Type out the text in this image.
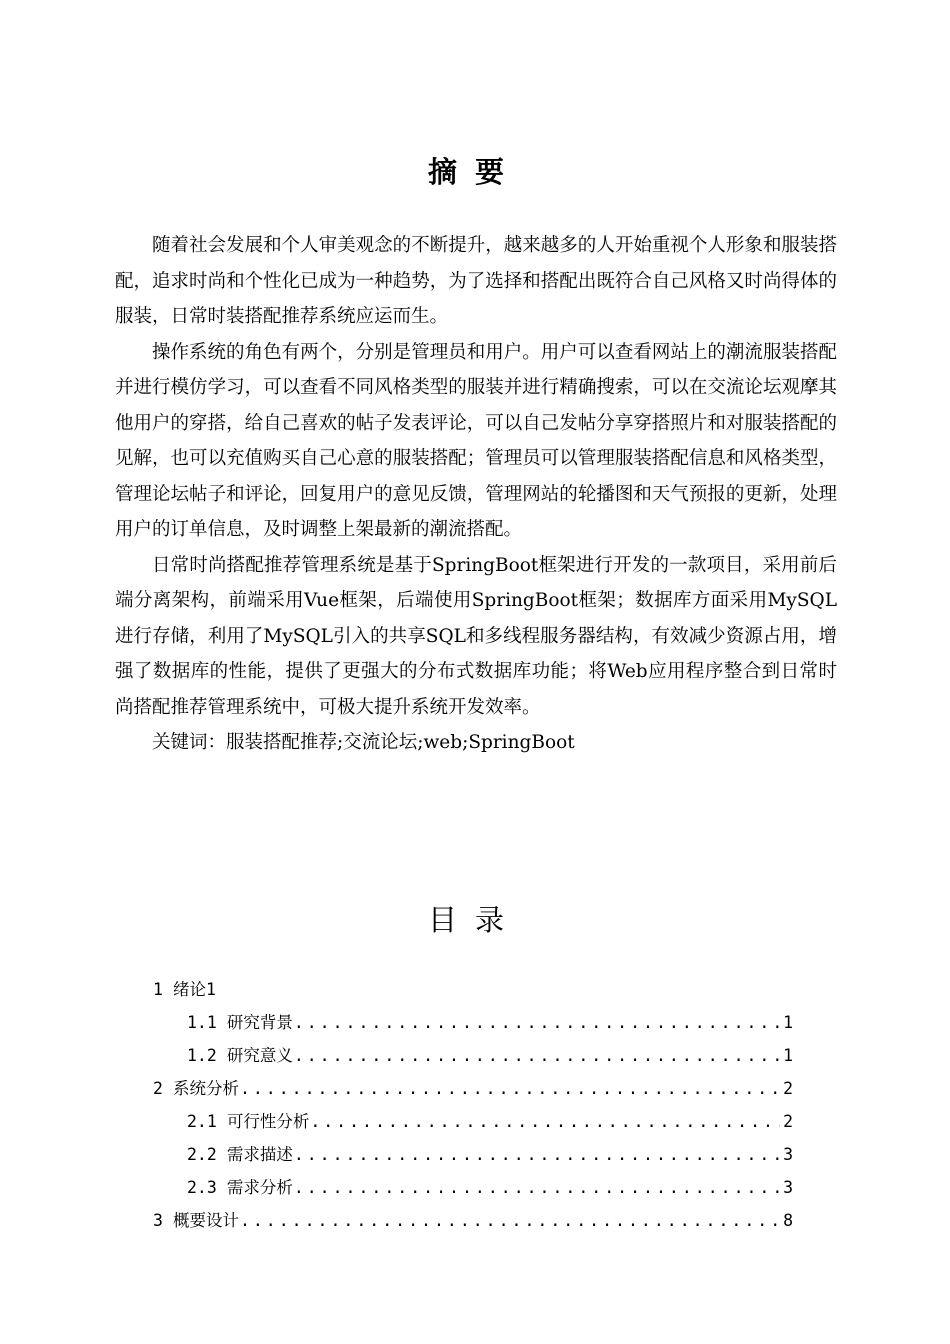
摘要

随着社会发展和个人审美观念的不断提升，越来越多的人开始重视个人形象和服装搭配，追求时尚和个性化已成为一种趋势，为了选择和搭配出既符合自己风格又时尚得体的服装，日常时装搭配推荐系统应运而生。

操作系统的角色有两个，分别是管理员和用户。用户可以查看网站上的潮流服装搭配并进行模仿学习，可以查看不同风格类型的服装并进行精确搜索，可以在交流论坛观摩其他用户的穿搭，给自己喜欢的帖子发表评论，可以自己发帖分享穿搭照片和对服装搭配的见解，也可以充值购买自己心意的服装搭配；管理员可以管理服装搭配信息和风格类型，管理论坛帖子和评论，回复用户的意见反馈，管理网站的轮播图和天气预报的更新，处理用户的订单信息，及时调整上架最新的潮流搭配。

日常时尚搭配推荐管理系统是基于SpringBoot框架进行开发的一款项目，采用前后端分离架构，前端采用Vue框架，后端使用SpringBoot框架；数据库方面采用MySQL进行存储，利用了MySQL引入的共享SQL和多线程服务器结构，有效减少资源占用，增强了数据库的性能，提供了更强大的分布式数据库功能；将Web应用程序整合到日常时尚搭配推荐管理系统中，可极大提升系统开发效率。

关键词：服装搭配推荐;交流论坛;web;SpringBoot

目录
1 绪论1
1.1 研究背景 .....	1
1.2 研究意义 .....	1
2 系统分析 .....	2
2.1 可行性分析 .....	2
2.2 需求描述 .....	3
2.3 需求分析 .....	3
3 概要设计 .....	8
